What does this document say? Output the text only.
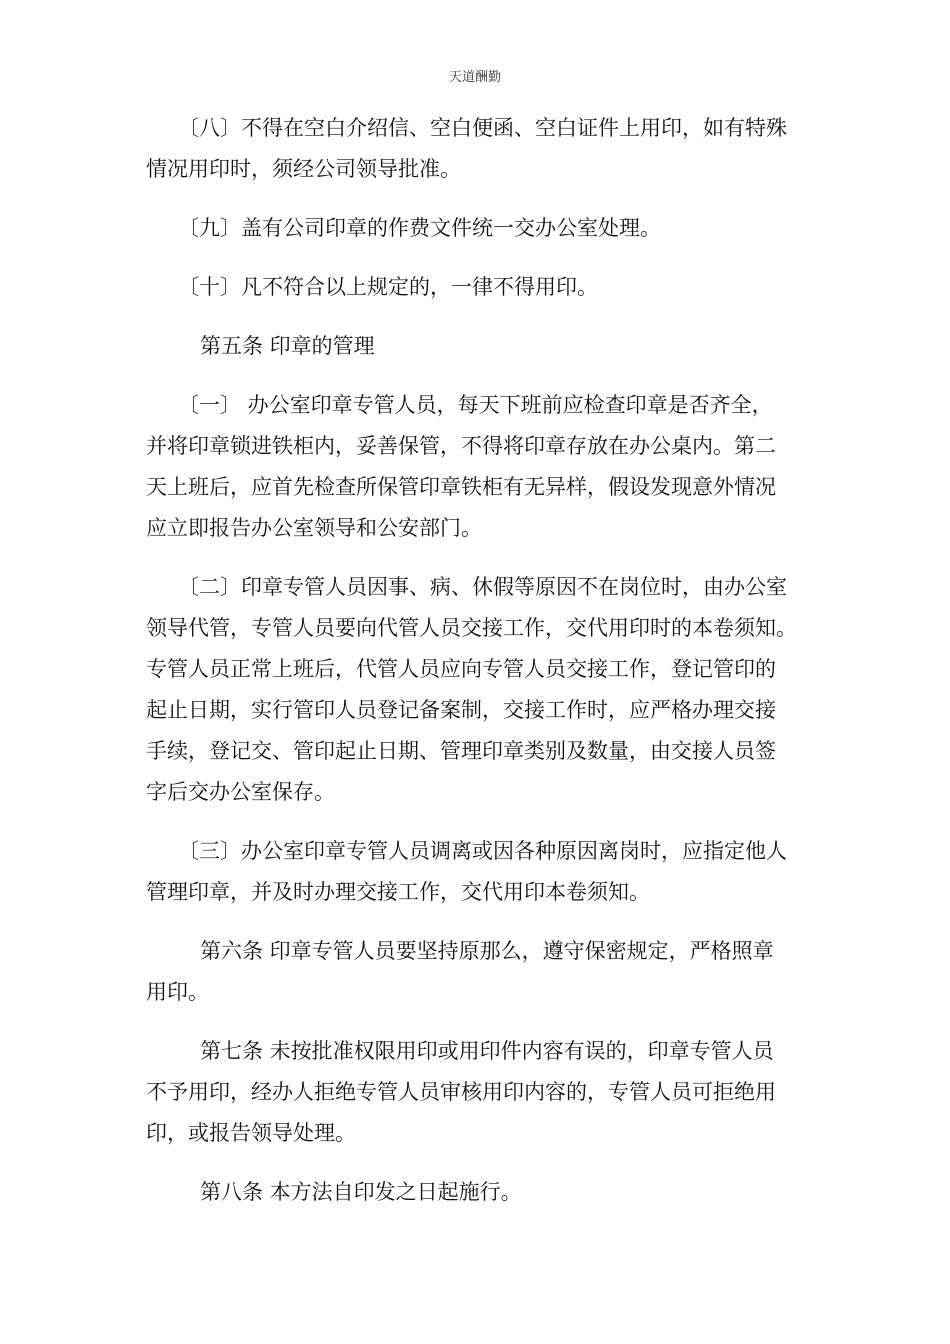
天道酬勤

〔八〕不得在空白介绍信、空白便函、空白证件上用印，如有特殊
情况用印时，须经公司领导批准。

〔九〕盖有公司印章的作费文件统一交办公室处理。

〔十〕凡不符合以上规定的，一律不得用印。

第五条 印章的管理

〔一〕 办公室印章专管人员，每天下班前应检查印章是否齐全，
并将印章锁进铁柜内，妥善保管，不得将印章存放在办公桌内。第二
天上班后，应首先检查所保管印章铁柜有无异样，假设发现意外情况
应立即报告办公室领导和公安部门。

〔二〕印章专管人员因事、病、休假等原因不在岗位时，由办公室
领导代管，专管人员要向代管人员交接工作，交代用印时的本卷须知。
专管人员正常上班后，代管人员应向专管人员交接工作，登记管印的
起止日期，实行管印人员登记备案制，交接工作时，应严格办理交接
手续，登记交、管印起止日期、管理印章类别及数量，由交接人员签
字后交办公室保存。

〔三〕办公室印章专管人员调离或因各种原因离岗时，应指定他人
管理印章，并及时办理交接工作，交代用印本卷须知。

第六条 印章专管人员要坚持原那么，遵守保密规定，严格照章
用印。

第七条 未按批准权限用印或用印件内容有误的，印章专管人员
不予用印，经办人拒绝专管人员审核用印内容的，专管人员可拒绝用
印，或报告领导处理。

第八条 本方法自印发之日起施行。
